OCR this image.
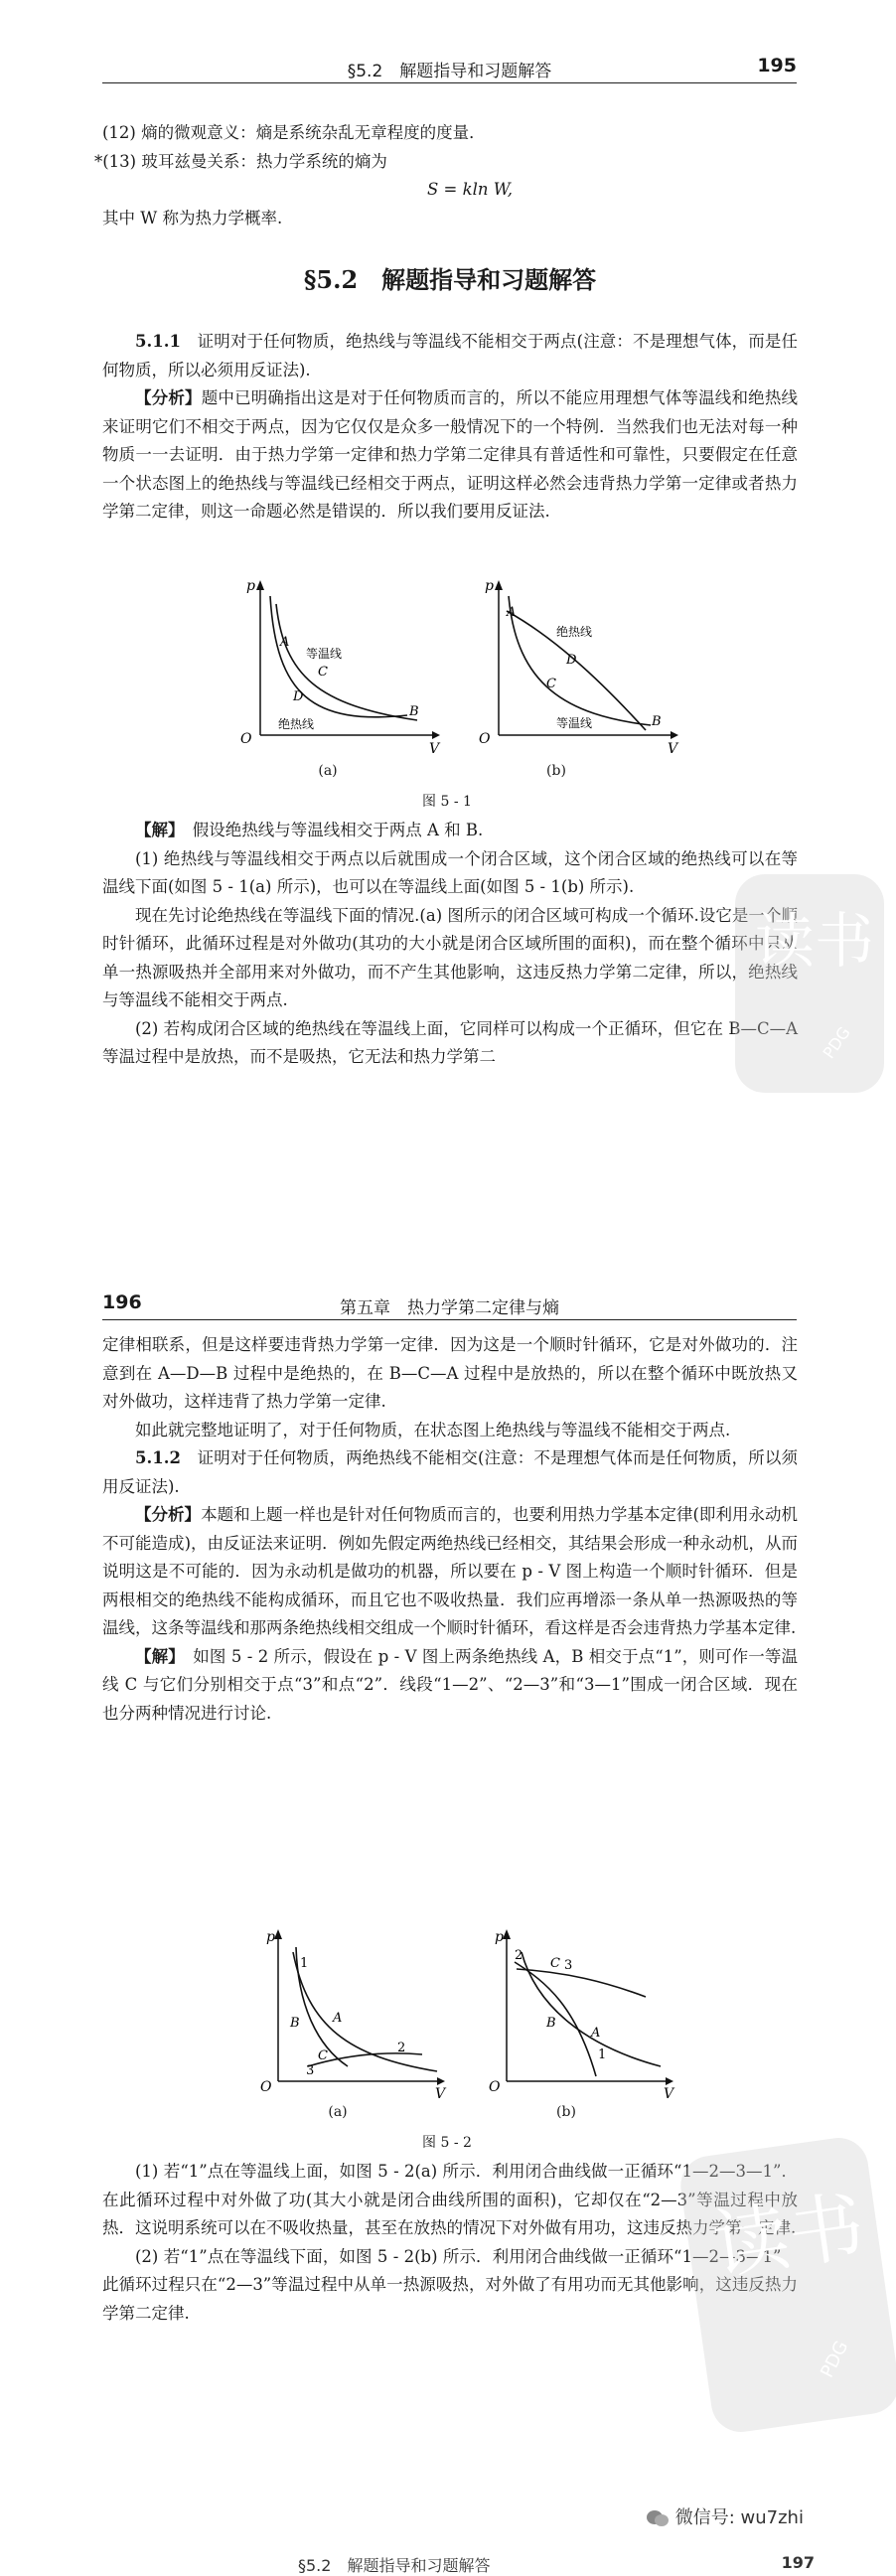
§5.2　解题指导和习题解答	195

(12) 熵的微观意义：熵是系统杂乱无章程度的度量．

*(13) 玻耳兹曼关系：热力学系统的熵为

S = kln W,

其中 W 称为热力学概率.

§5.2　解题指导和习题解答

5.1.1　 证明对于任何物质，绝热线与等温线不能相交于两点(注意：不是理想气体，而是任何物质，所以必须用反证法).

【分析】题中已明确指出这是对于任何物质而言的，所以不能应用理想气体等温线和绝热线来证明它们不相交于两点，因为它仅仅是众多一般情况下的一个特例．当然我们也无法对每一种物质一一去证明．由于热力学第一定律和热力学第二定律具有普适性和可靠性，只要假定在任意一个状态图上的绝热线与等温线已经相交于两点，证明这样必然会违背热力学第一定律或者热力学第二定律，则这一命题必然是错误的．所以我们要用反证法.

p
V
O
A
C
D
B
等温线
绝热线
p
V
O
A
D
C
B
绝热线
等温线
(a)	(b)
图 5 - 1

【解】　 假设绝热线与等温线相交于两点 A 和 B.

(1) 绝热线与等温线相交于两点以后就围成一个闭合区域，这个闭合区域的绝热线可以在等温线下面(如图 5 - 1(a) 所示)，也可以在等温线上面(如图 5 - 1(b) 所示).

现在先讨论绝热线在等温线下面的情况.(a) 图所示的闭合区域可构成一个循环.设它是一个顺时针循环，此循环过程是对外做功(其功的大小就是闭合区域所围的面积)，而在整个循环中只从单一热源吸热并全部用来对外做功，而不产生其他影响，这违反热力学第二定律，所以，绝热线与等温线不能相交于两点.

(2) 若构成闭合区域的绝热线在等温线上面，它同样可以构成一个正循环，但它在 B—C—A 等温过程中是放热，而不是吸热，它无法和热力学第二

读书
PDG
196	第五章　热力学第二定律与熵

定律相联系，但是这样要违背热力学第一定律．因为这是一个顺时针循环，它是对外做功的．注意到在 A—D—B 过程中是绝热的，在 B—C—A 过程中是放热的，所以在整个循环中既放热又对外做功，这样违背了热力学第一定律.

如此就完整地证明了，对于任何物质，在状态图上绝热线与等温线不能相交于两点.

5.1.2　 证明对于任何物质，两绝热线不能相交(注意：不是理想气体而是任何物质，所以须用反证法).

【分析】本题和上题一样也是针对任何物质而言的，也要利用热力学基本定律(即利用永动机不可能造成)，由反证法来证明．例如先假定两绝热线已经相交，其结果会形成一种永动机，从而说明这是不可能的．因为永动机是做功的机器，所以要在 p - V 图上构造一个顺时针循环．但是两根相交的绝热线不能构成循环，而且它也不吸收热量．我们应再增添一条从单一热源吸热的等温线，这条等温线和那两条绝热线相交组成一个顺时针循环，看这样是否会违背热力学基本定律.

【解】　 如图 5 - 2 所示，假设在 p - V 图上两条绝热线 A，B 相交于点“1”，则可作一等温线 C 与它们分别相交于点“3”和点“2”．线段“1—2”、“2—3”和“3—1”围成一闭合区域．现在也分两种情况进行讨论.

p
V
O
1
B	A
C
3
2
p
V
O
2
C 3
B
A
1
(a)	(b)
图 5 - 2

(1) 若“1”点在等温线上面，如图 5 - 2(a) 所示．利用闭合曲线做一正循环“1—2—3—1”．在此循环过程中对外做了功(其大小就是闭合曲线所围的面积)，它却仅在“2—3”等温过程中放热．这说明系统可以在不吸收热量，甚至在放热的情况下对外做有用功，这违反热力学第一定律.

(2) 若“1”点在等温线下面，如图 5 - 2(b) 所示．利用闭合曲线做一正循环“1—2—3—1”．此循环过程只在“2—3”等温过程中从单一热源吸热，对外做了有用功而无其他影响，这违反热力学第二定律.

读书
PDG
微信号: wu7zhi
§5.2　解题指导和习题解答	197
